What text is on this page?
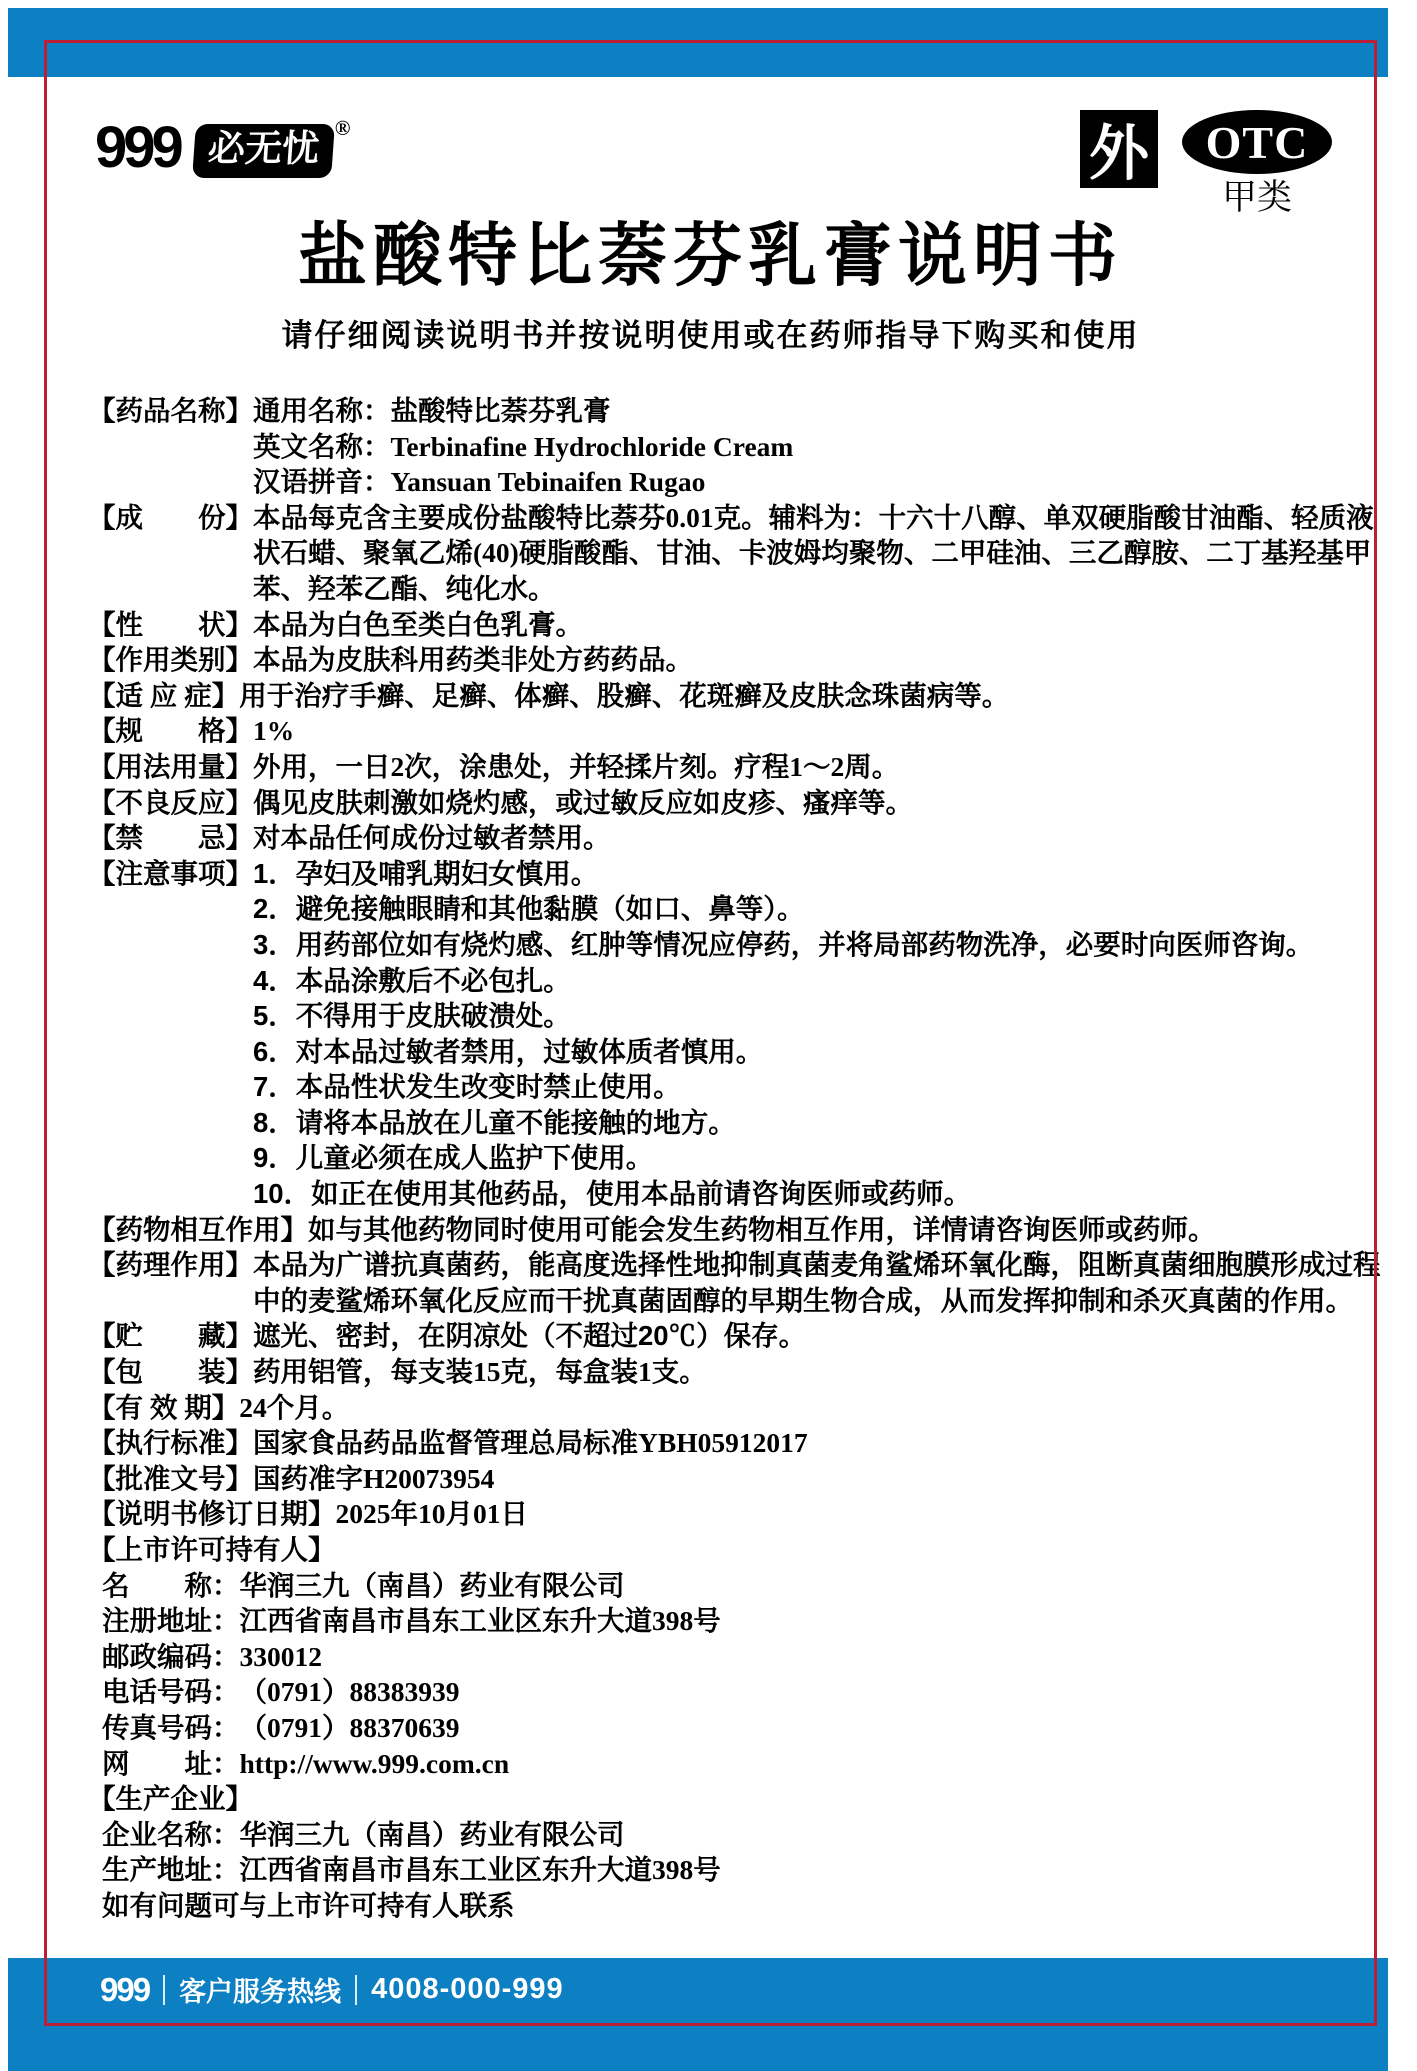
999 客户服务热线 4008-000-999
999 必无忧 ®	外	OTC
甲类
盐酸特比萘芬乳膏说明书
请仔细阅读说明书并按说明使用或在药师指导下购买和使用
【药品名称】 通用名称：盐酸特比萘芬乳膏
英文名称：Terbinafine Hydrochloride Cream
汉语拼音：Yansuan Tebinaifen Rugao
【成　　份】 本品每克含主要成份盐酸特比萘芬0.01克。辅料为：十六十八醇、单双硬脂酸甘油酯、轻质液状石蜡、聚氧乙烯(40)硬脂酸酯、甘油、卡波姆均聚物、二甲硅油、三乙醇胺、二丁基羟基甲苯、羟苯乙酯、纯化水。
【性　　状】 本品为白色至类白色乳膏。
【作用类别】 本品为皮肤科用药类非处方药药品。
【适 应 症】 用于治疗手癣、足癣、体癣、股癣、花斑癣及皮肤念珠菌病等。
【规　　格】 1%
【用法用量】 外用，一日2次，涂患处，并轻揉片刻。疗程1～2周。
【不良反应】 偶见皮肤刺激如烧灼感，或过敏反应如皮疹、瘙痒等。
【禁　　忌】 对本品任何成份过敏者禁用。
【注意事项】 1．孕妇及哺乳期妇女慎用。
2．避免接触眼睛和其他黏膜（如口、鼻等）。
3．用药部位如有烧灼感、红肿等情况应停药，并将局部药物洗净，必要时向医师咨询。
4．本品涂敷后不必包扎。
5．不得用于皮肤破溃处。
6．对本品过敏者禁用，过敏体质者慎用。
7．本品性状发生改变时禁止使用。
8．请将本品放在儿童不能接触的地方。
9．儿童必须在成人监护下使用。
10．如正在使用其他药品，使用本品前请咨询医师或药师。
【药物相互作用】 如与其他药物同时使用可能会发生药物相互作用，详情请咨询医师或药师。
【药理作用】 本品为广谱抗真菌药，能高度选择性地抑制真菌麦角鲨烯环氧化酶，阻断真菌细胞膜形成过程中的麦鲨烯环氧化反应而干扰真菌固醇的早期生物合成，从而发挥抑制和杀灭真菌的作用。
【贮　　藏】 遮光、密封，在阴凉处（不超过20℃）保存。
【包　　装】 药用铝管，每支装15克，每盒装1支。
【有 效 期】 24个月。
【执行标准】 国家食品药品监督管理总局标准YBH05912017
【批准文号】 国药准字H20073954
【说明书修订日期】 2025年10月01日
【上市许可持有人】
名　　称： 华润三九（南昌）药业有限公司
注册地址： 江西省南昌市昌东工业区东升大道398号
邮政编码： 330012
电话号码： （0791）88383939
传真号码： （0791）88370639
网　　址： http://www.999.com.cn
【生产企业】
企业名称： 华润三九（南昌）药业有限公司
生产地址： 江西省南昌市昌东工业区东升大道398号
如有问题可与上市许可持有人联系
